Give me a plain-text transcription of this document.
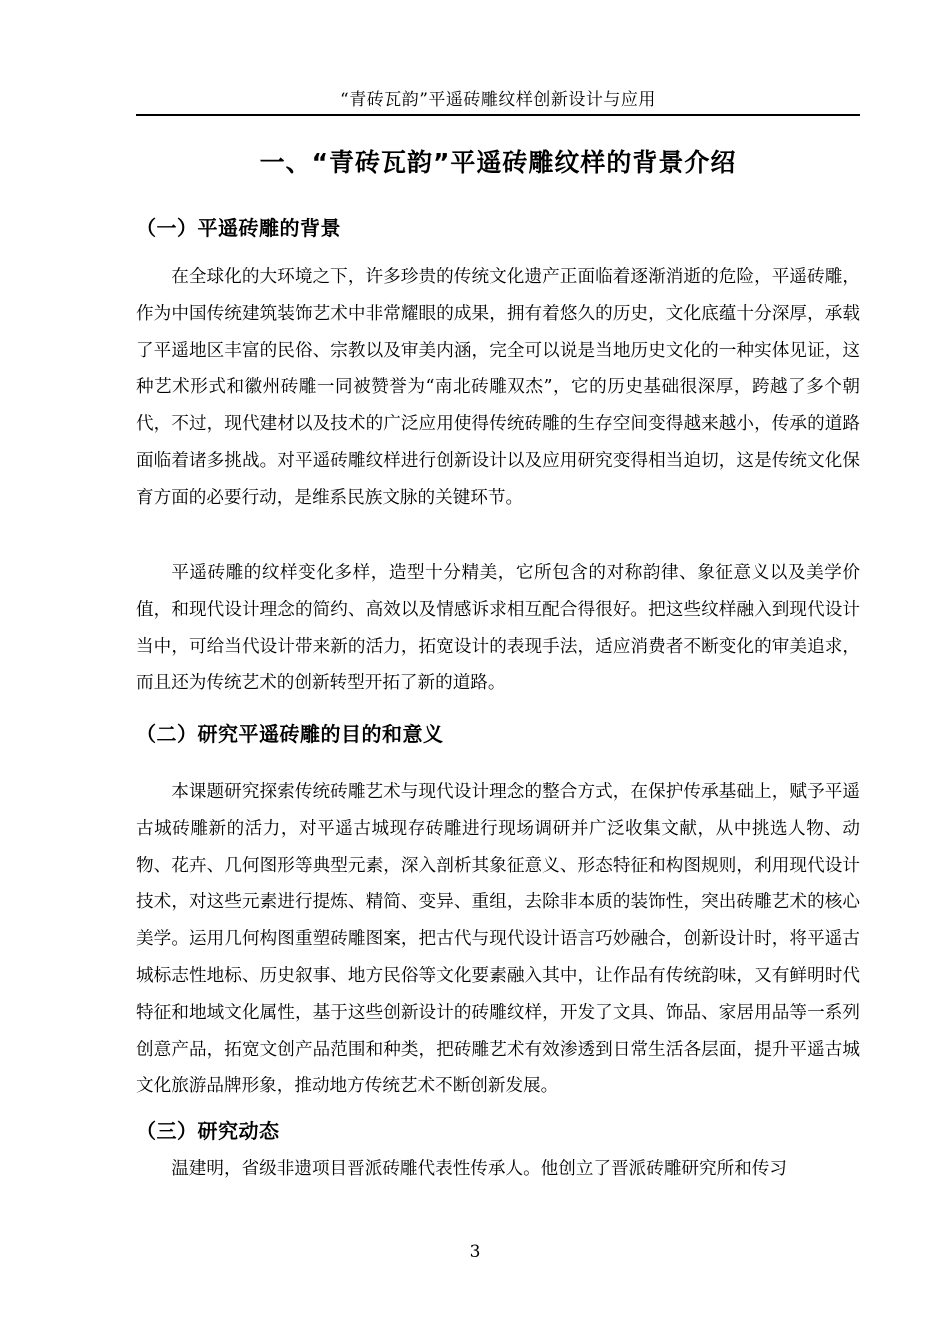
“青砖瓦韵”平遥砖雕纹样创新设计与应用
一、“青砖瓦韵”平遥砖雕纹样的背景介绍
（一）平遥砖雕的背景

在全球化的大环境之下，许多珍贵的传统文化遗产正面临着逐渐消逝的危险，平遥砖雕，作为中国传统建筑装饰艺术中非常耀眼的成果，拥有着悠久的历史，文化底蕴十分深厚，承载了平遥地区丰富的民俗、宗教以及审美内涵，完全可以说是当地历史文化的一种实体见证，这种艺术形式和徽州砖雕一同被赞誉为“南北砖雕双杰”，它的历史基础很深厚，跨越了多个朝代，不过，现代建材以及技术的广泛应用使得传统砖雕的生存空间变得越来越小，传承的道路面临着诸多挑战。对平遥砖雕纹样进行创新设计以及应用研究变得相当迫切，这是传统文化保育方面的必要行动，是维系民族文脉的关键环节。

平遥砖雕的纹样变化多样，造型十分精美，它所包含的对称韵律、象征意义以及美学价值，和现代设计理念的简约、高效以及情感诉求相互配合得很好。把这些纹样融入到现代设计当中，可给当代设计带来新的活力，拓宽设计的表现手法，适应消费者不断变化的审美追求，而且还为传统艺术的创新转型开拓了新的道路。

（二）研究平遥砖雕的目的和意义

本课题研究探索传统砖雕艺术与现代设计理念的整合方式，在保护传承基础上，赋予平遥古城砖雕新的活力，对平遥古城现存砖雕进行现场调研并广泛收集文献，从中挑选人物、动物、花卉、几何图形等典型元素，深入剖析其象征意义、形态特征和构图规则，利用现代设计技术，对这些元素进行提炼、精简、变异、重组，去除非本质的装饰性，突出砖雕艺术的核心美学。运用几何构图重塑砖雕图案，把古代与现代设计语言巧妙融合，创新设计时，将平遥古城标志性地标、历史叙事、地方民俗等文化要素融入其中，让作品有传统韵味，又有鲜明时代特征和地域文化属性，基于这些创新设计的砖雕纹样，开发了文具、饰品、家居用品等一系列创意产品，拓宽文创产品范围和种类，把砖雕艺术有效渗透到日常生活各层面，提升平遥古城文化旅游品牌形象，推动地方传统艺术不断创新发展。

（三）研究动态

温建明，省级非遗项目晋派砖雕代表性传承人。他创立了晋派砖雕研究所和传习

3
